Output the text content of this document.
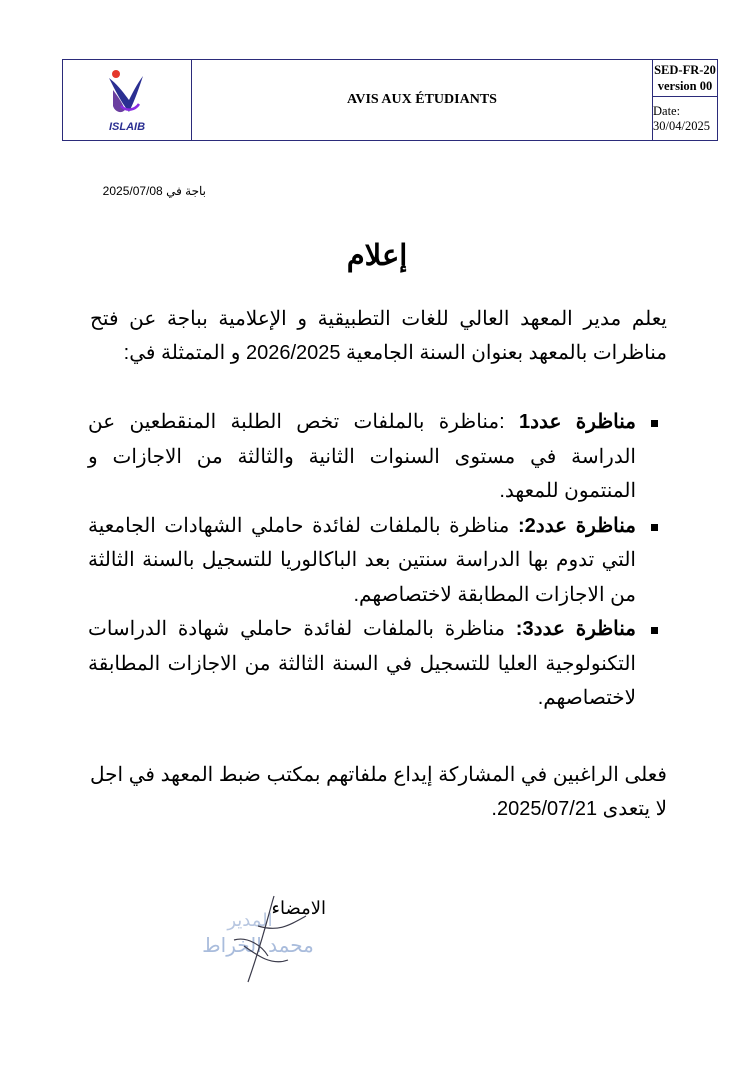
ISLAIB
AVIS AUX ÉTUDIANTS
SED-FR-20
version 00
Date: 30/04/2025
باجة في 2025/07/08
إعلام
يعلم مدير المعهد العالي للغات التطبيقية و الإعلامية بباجة عن فتح مناظرات بالمعهد بعنوان السنة الجامعية 2026/2025 و المتمثلة في:
مناظرة عدد1 :مناظرة بالملفات تخص الطلبة المنقطعين عن الدراسة في مستوى السنوات الثانية والثالثة من الاجازات و المنتمون للمعهد.
مناظرة عدد2: مناظرة بالملفات لفائدة حاملي الشهادات الجامعية التي تدوم بها الدراسة سنتين بعد الباكالوريا للتسجيل بالسنة الثالثة من الاجازات المطابقة لاختصاصهم.
مناظرة عدد3: مناظرة بالملفات لفائدة حاملي شهادة الدراسات التكنولوجية العليا للتسجيل في السنة الثالثة من الاجازات المطابقة لاختصاصهم.
فعلى الراغبين في المشاركة إيداع ملفاتهم بمكتب ضبط المعهد في اجل لا يتعدى 2025/07/21.
الامضاء
المدير
محمد الخراط
